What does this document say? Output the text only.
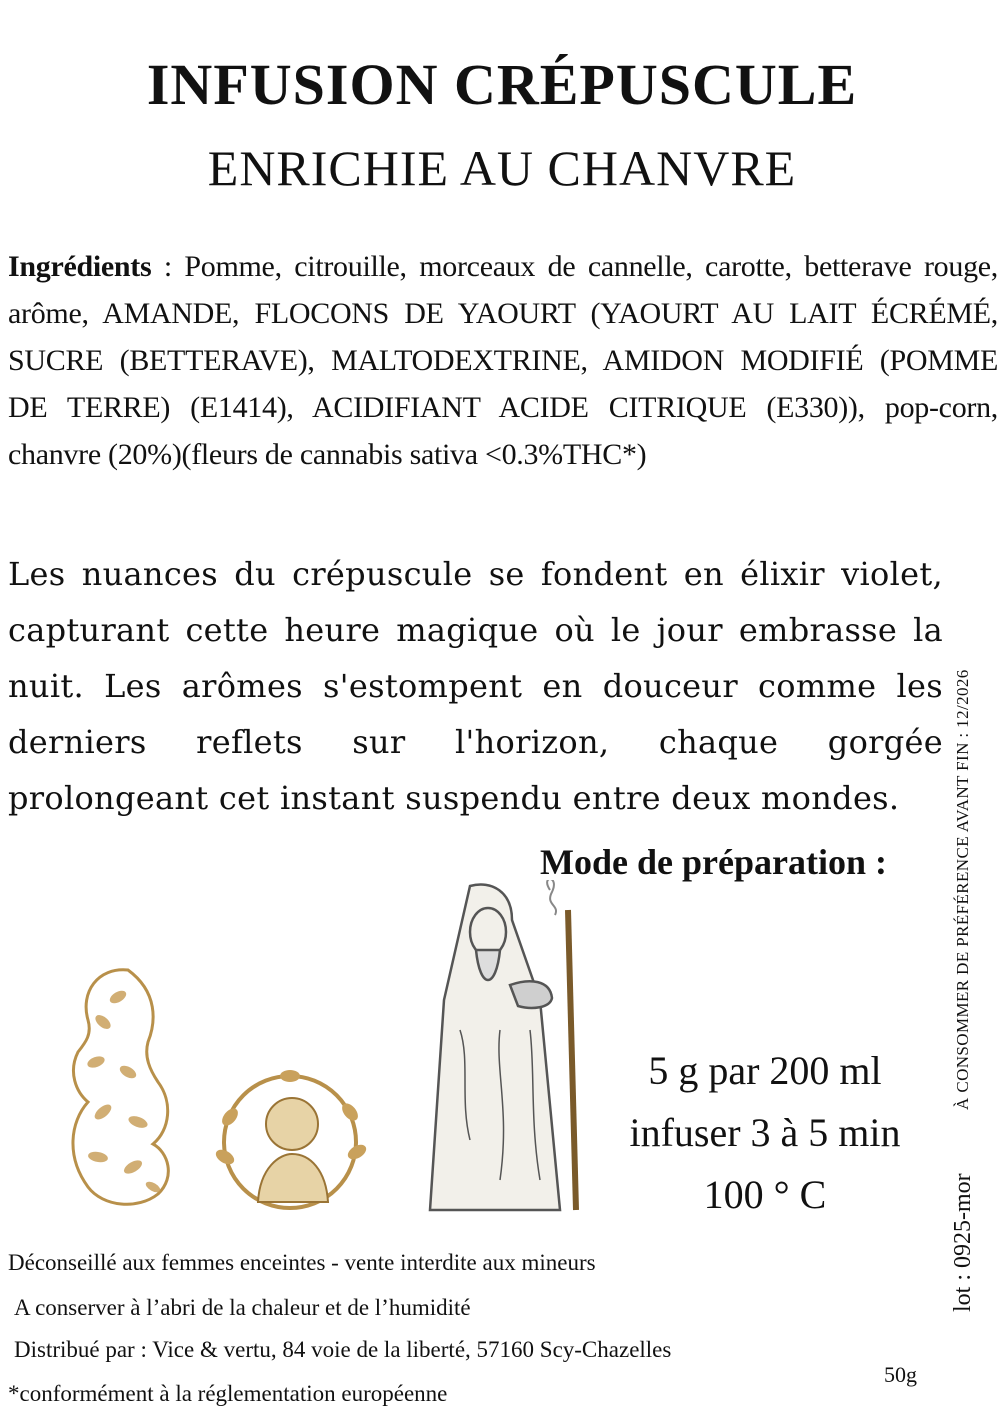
INFUSION CRÉPUSCULE
ENRICHIE AU CHANVRE
Ingrédients : Pomme, citrouille, morceaux de cannelle, carotte, betterave rouge, arôme, AMANDE, FLOCONS DE YAOURT (YAOURT AU LAIT ÉCRÉMÉ, SUCRE (BETTERAVE), MALTODEXTRINE, AMIDON MODIFIÉ (POMME DE TERRE) (E1414), ACIDIFIANT ACIDE CITRIQUE (E330)), pop-corn, chanvre (20%)(fleurs de cannabis sativa <0.3%THC*)
Les nuances du crépuscule se fondent en élixir violet, capturant cette heure magique où le jour embrasse la nuit. Les arômes s'estompent en douceur comme les derniers reflets sur l'horizon, chaque gorgée prolongeant cet instant suspendu entre deux mondes.
Mode de préparation :
5 g par 200 ml
infuser 3 à 5 min
100 ° C
Déconseillé aux femmes enceintes - vente interdite aux mineurs
A conserver à l’abri de la chaleur et de l’humidité
Distribué par : Vice & vertu, 84 voie de la liberté, 57160 Scy-Chazelles
*conformément à la réglementation européenne
50g
À CONSOMMER DE PRÉFÉRENCE AVANT FIN : 12/2026
lot : 0925-mor
